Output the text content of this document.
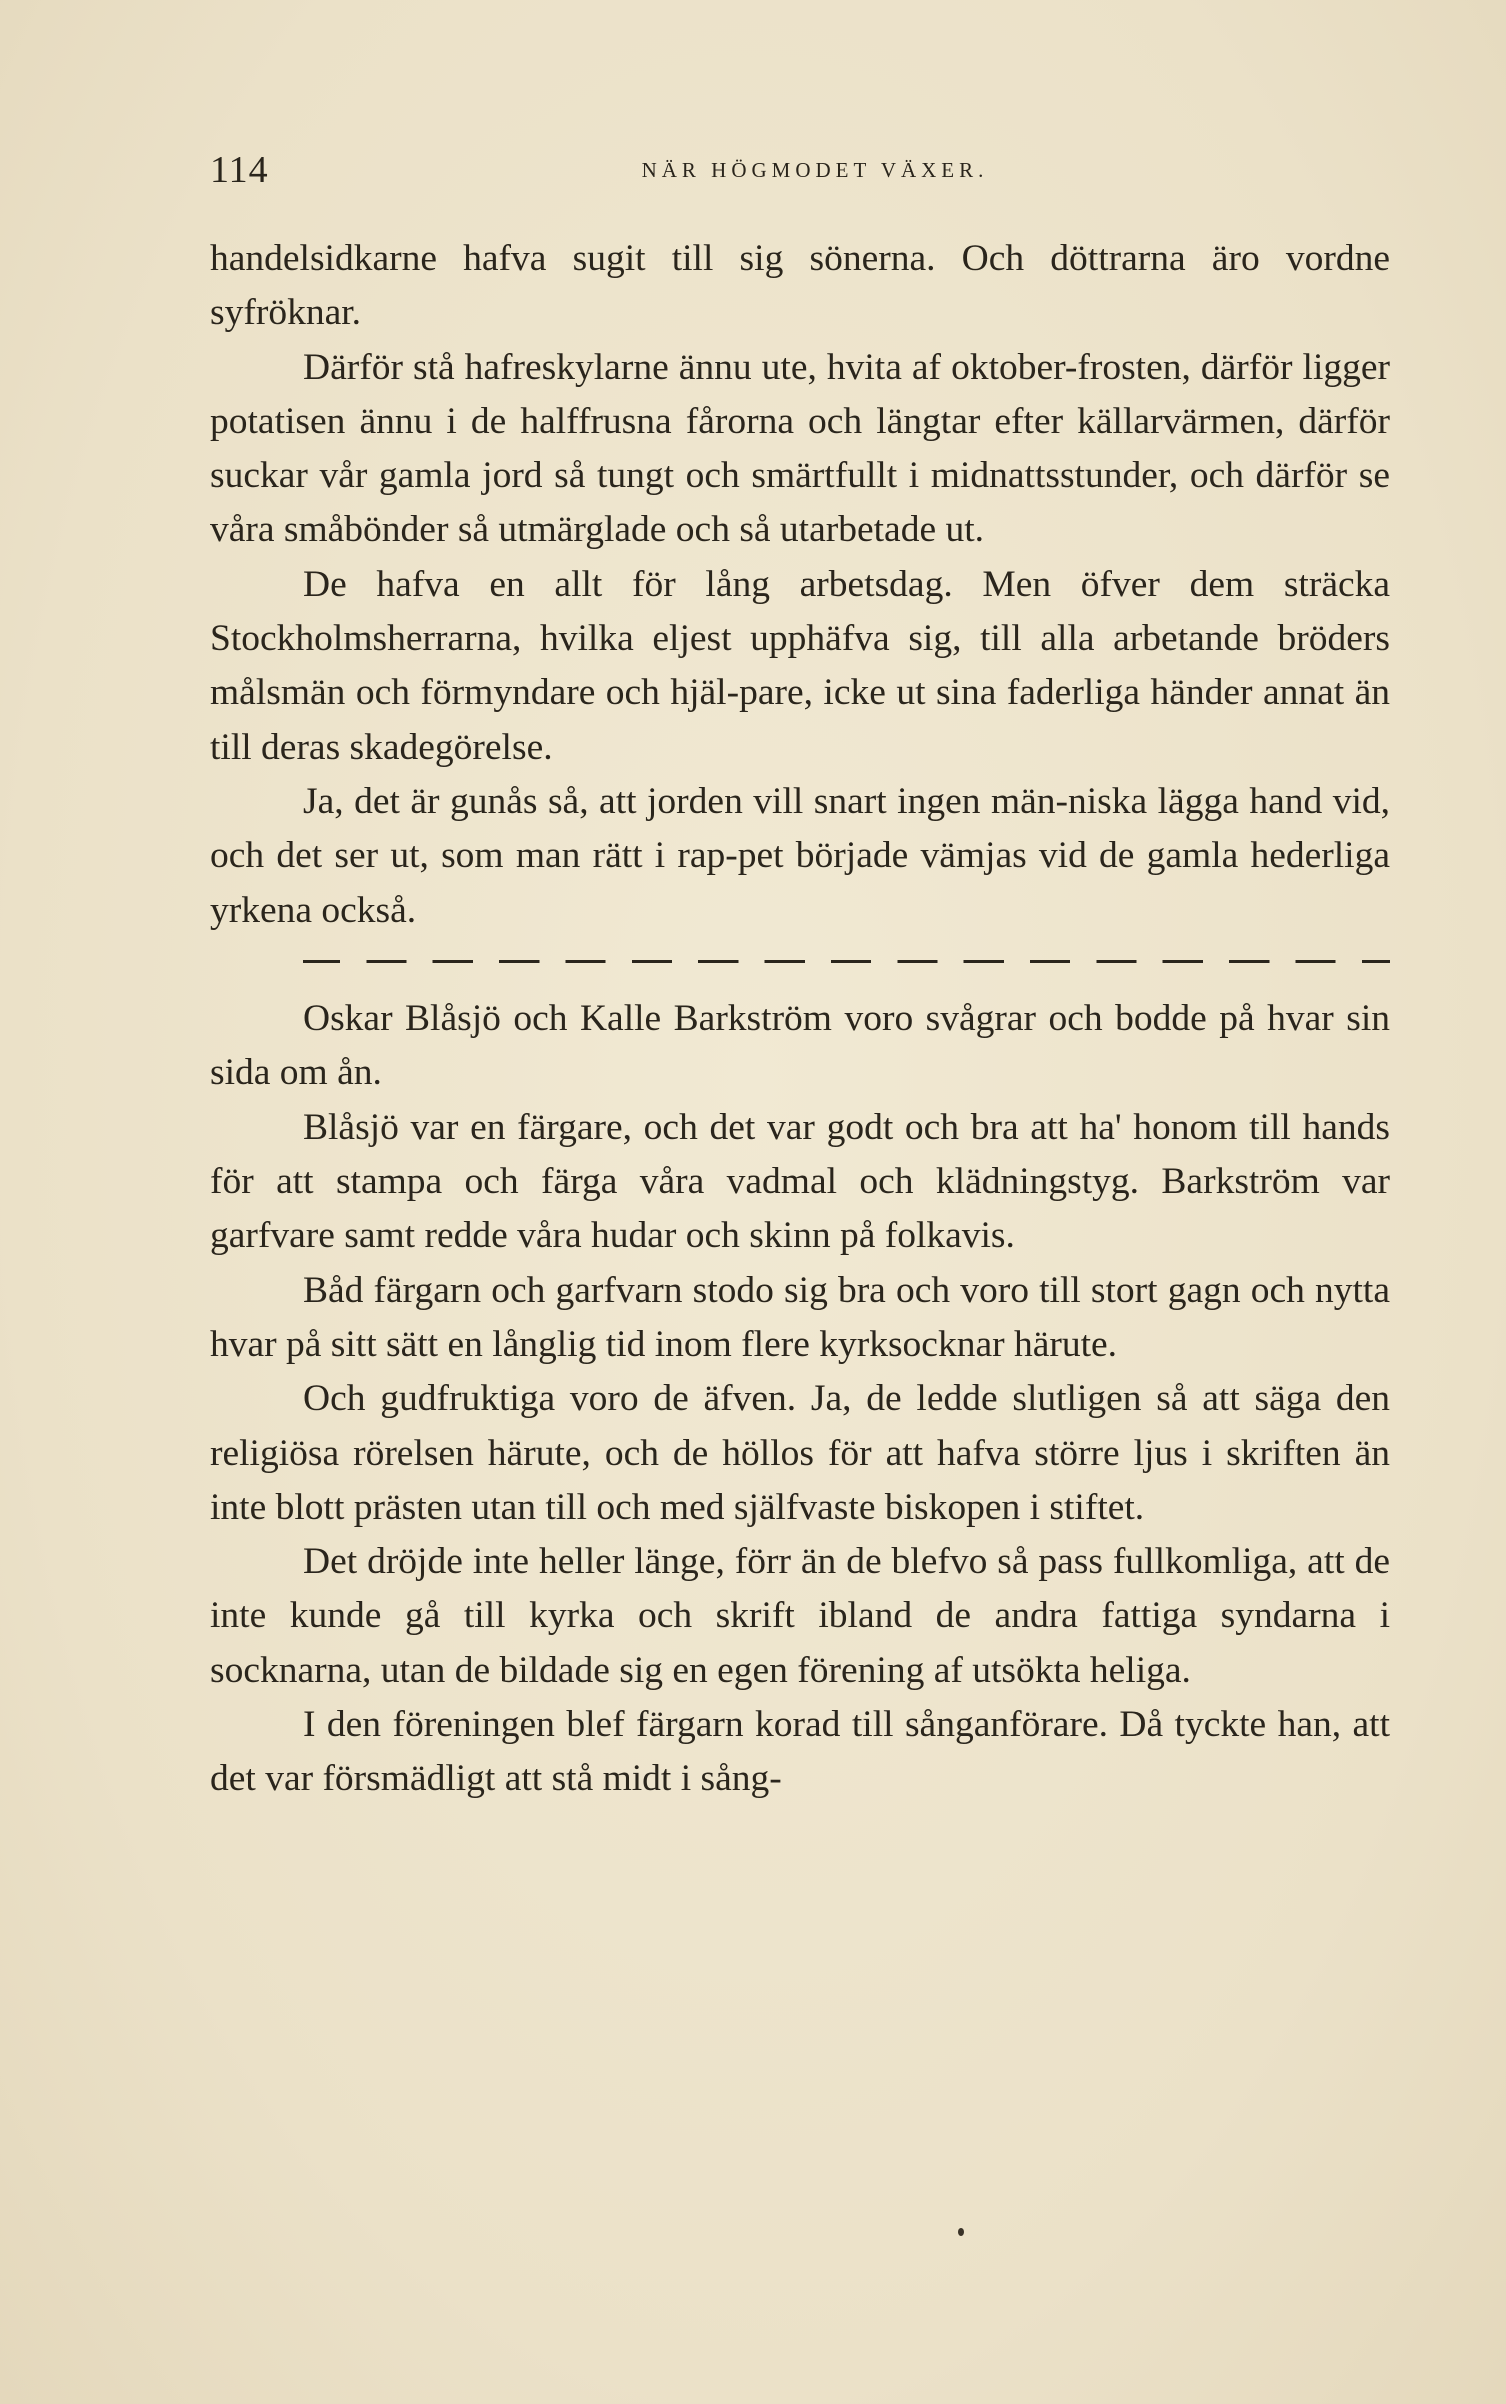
114	NÄR HÖGMODET VÄXER.

handelsidkarne hafva sugit till sig sönerna. Och döttrarna äro vordne syfröknar.

Därför stå hafreskylarne ännu ute, hvita af oktober-frosten, därför ligger potatisen ännu i de halffrusna fårorna och längtar efter källarvärmen, därför suckar vår gamla jord så tungt och smärtfullt i midnattsstunder, och därför se våra småbönder så utmärglade och så utarbetade ut.

De hafva en allt för lång arbetsdag. Men öfver dem sträcka Stockholmsherrarna, hvilka eljest upphäfva sig, till alla arbetande bröders målsmän och förmyndare och hjäl-pare, icke ut sina faderliga händer annat än till deras skadegörelse.

Ja, det är gunås så, att jorden vill snart ingen män-niska lägga hand vid, och det ser ut, som man rätt i rap-pet började vämjas vid de gamla hederliga yrkena också.

Oskar Blåsjö och Kalle Barkström voro svågrar och bodde på hvar sin sida om ån.

Blåsjö var en färgare, och det var godt och bra att ha' honom till hands för att stampa och färga våra vadmal och klädningstyg. Barkström var garfvare samt redde våra hudar och skinn på folkavis.

Båd färgarn och garfvarn stodo sig bra och voro till stort gagn och nytta hvar på sitt sätt en långlig tid inom flere kyrksocknar härute.

Och gudfruktiga voro de äfven. Ja, de ledde slutligen så att säga den religiösa rörelsen härute, och de höllos för att hafva större ljus i skriften än inte blott prästen utan till och med själfvaste biskopen i stiftet.

Det dröjde inte heller länge, förr än de blefvo så pass fullkomliga, att de inte kunde gå till kyrka och skrift ibland de andra fattiga syndarna i socknarna, utan de bildade sig en egen förening af utsökta heliga.

I den föreningen blef färgarn korad till sånganförare. Då tyckte han, att det var försmädligt att stå midt i sång-
